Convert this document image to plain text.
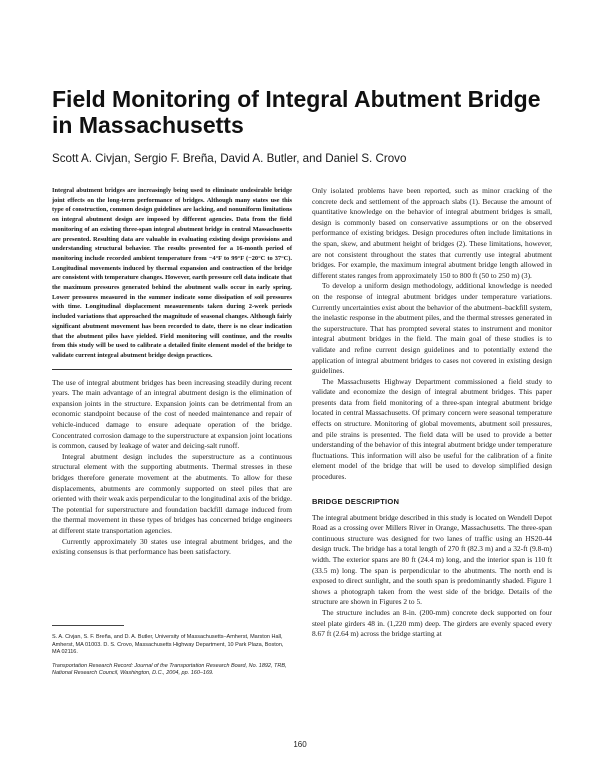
Field Monitoring of Integral Abutment Bridge in Massachusetts

Scott A. Civjan, Sergio F. Breña, David A. Butler, and Daniel S. Crovo

Integral abutment bridges are increasingly being used to eliminate undesirable bridge joint effects on the long-term performance of bridges. Although many states use this type of construction, common design guidelines are lacking, and nonuniform limitations on integral abutment design are imposed by different agencies. Data from the field monitoring of an existing three-span integral abutment bridge in central Massachusetts are presented. Resulting data are valuable in evaluating existing design provisions and understanding structural behavior. The results presented for a 16-month period of monitoring include recorded ambient temperature from −4°F to 99°F (−20°C to 37°C). Longitudinal movements induced by thermal expansion and contraction of the bridge are consistent with temperature changes. However, earth pressure cell data indicate that the maximum pressures generated behind the abutment walls occur in early spring. Lower pressures measured in the summer indicate some dissipation of soil pressures with time. Longitudinal displacement measurements taken during 2-week periods included variations that approached the magnitude of seasonal changes. Although fairly significant abutment movement has been recorded to date, there is no clear indication that the abutment piles have yielded. Field monitoring will continue, and the results from this study will be used to calibrate a detailed finite element model of the bridge to validate current integral abutment bridge design practices.

The use of integral abutment bridges has been increasing steadily during recent years. The main advantage of an integral abutment design is the elimination of expansion joints in the structure. Expansion joints can be detrimental from an economic standpoint because of the cost of needed maintenance and repair of vehicle-induced damage to ensure adequate operation of the bridge. Concentrated corrosion damage to the superstructure at expansion joint locations is common, caused by leakage of water and deicing-salt runoff.

Integral abutment design includes the superstructure as a continuous structural element with the supporting abutments. Thermal stresses in these bridges therefore generate movement at the abutments. To allow for these displacements, abutments are commonly supported on steel piles that are oriented with their weak axis perpendicular to the longitudinal axis of the bridge. The potential for superstructure and foundation backfill damage induced from the thermal movement in these types of bridges has concerned bridge engineers at different state transportation agencies.

Currently approximately 30 states use integral abutment bridges, and the existing consensus is that performance has been satisfactory.

S. A. Civjan, S. F. Breña, and D. A. Butler, University of Massachusetts–Amherst, Marston Hall, Amherst, MA 01003. D. S. Crovo, Massachusetts Highway Department, 10 Park Plaza, Boston, MA 02116.

Transportation Research Record: Journal of the Transportation Research Board, No. 1892, TRB, National Research Council, Washington, D.C., 2004, pp. 160–169.

Only isolated problems have been reported, such as minor cracking of the concrete deck and settlement of the approach slabs (1). Because the amount of quantitative knowledge on the behavior of integral abutment bridges is small, design is commonly based on conservative assumptions or on the observed performance of existing bridges. Design procedures often include limitations in the span, skew, and abutment height of bridges (2). These limitations, however, are not consistent throughout the states that currently use integral abutment bridges. For example, the maximum integral abutment bridge length allowed in different states ranges from approximately 150 to 800 ft (50 to 250 m) (3).

To develop a uniform design methodology, additional knowledge is needed on the response of integral abutment bridges under temperature variations. Currently uncertainties exist about the behavior of the abutment–backfill system, the inelastic response in the abutment piles, and the thermal stresses generated in the superstructure. That has prompted several states to instrument and monitor integral abutment bridges in the field. The main goal of these studies is to validate and refine current design guidelines and to potentially extend the application of integral abutment bridges to cases not covered in existing design guidelines.

The Massachusetts Highway Department commissioned a field study to validate and economize the design of integral abutment bridges. This paper presents data from field monitoring of a three-span integral abutment bridge located in central Massachusetts. Of primary concern were seasonal temperature effects on structure. Monitoring of global movements, abutment soil pressures, and pile strains is presented. The field data will be used to provide a better understanding of the behavior of this integral abutment bridge under temperature fluctuations. This information will also be useful for the calibration of a finite element model of the bridge that will be used to develop simplified design procedures.

BRIDGE DESCRIPTION

The integral abutment bridge described in this study is located on Wendell Depot Road as a crossing over Millers River in Orange, Massachusetts. The three-span continuous structure was designed for two lanes of traffic using an HS20-44 design truck. The bridge has a total length of 270 ft (82.3 m) and a 32-ft (9.8-m) width. The exterior spans are 80 ft (24.4 m) long, and the interior span is 110 ft (33.5 m) long. The span is perpendicular to the abutments. The north end is exposed to direct sunlight, and the south span is predominantly shaded. Figure 1 shows a photograph taken from the west side of the bridge. Details of the structure are shown in Figures 2 to 5.

The structure includes an 8-in. (200-mm) concrete deck supported on four steel plate girders 48 in. (1,220 mm) deep. The girders are evenly spaced every 8.67 ft (2.64 m) across the bridge starting at

160
